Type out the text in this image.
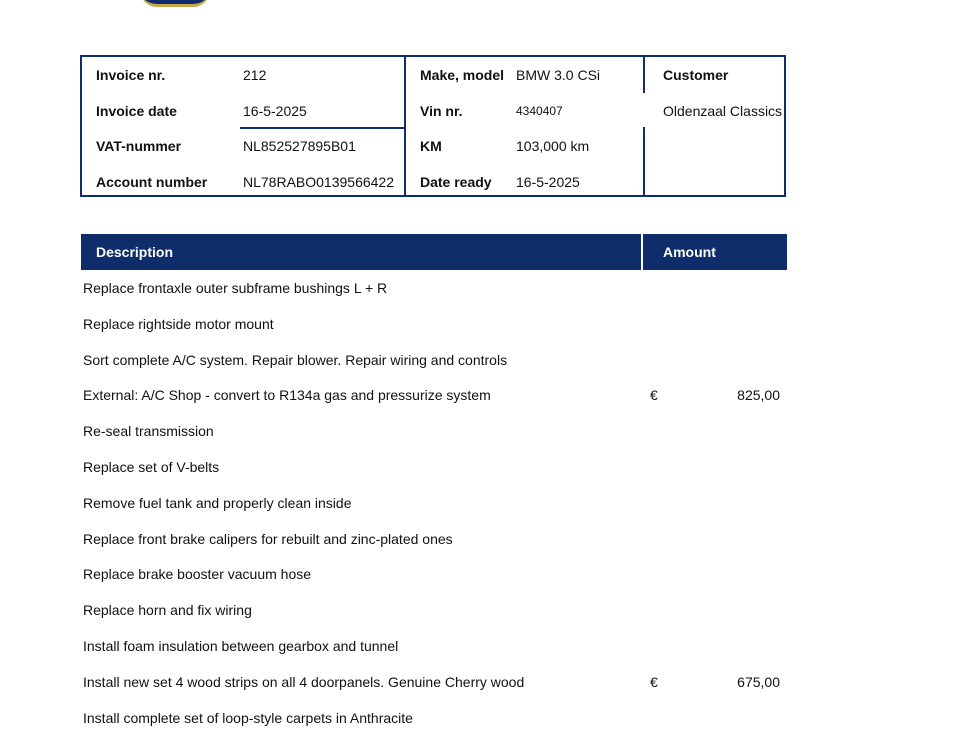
Invoice nr.	212
Invoice date	16-5-2025
VAT-nummer	NL852527895B01
Account number	NL78RABO0139566422
Make, model BMW 3.0 CSi
Vin nr.	4340407
KM	103,000 km
Date ready 16-5-2025
Customer
Oldenzaal Classics
Description	Amount
Replace frontaxle outer subframe bushings L + R
Replace rightside motor mount
Sort complete A/C system. Repair blower. Repair wiring and controls
External: A/C Shop - convert to R134a gas and pressurize system	€	825,00
Re-seal transmission
Replace set of V-belts
Remove fuel tank and properly clean inside
Replace front brake calipers for rebuilt and zinc-plated ones
Replace brake booster vacuum hose
Replace horn and fix wiring
Install foam insulation between gearbox and tunnel
Install new set 4 wood strips on all 4 doorpanels. Genuine Cherry wood	€	675,00
Install complete set of loop-style carpets in Anthracite
